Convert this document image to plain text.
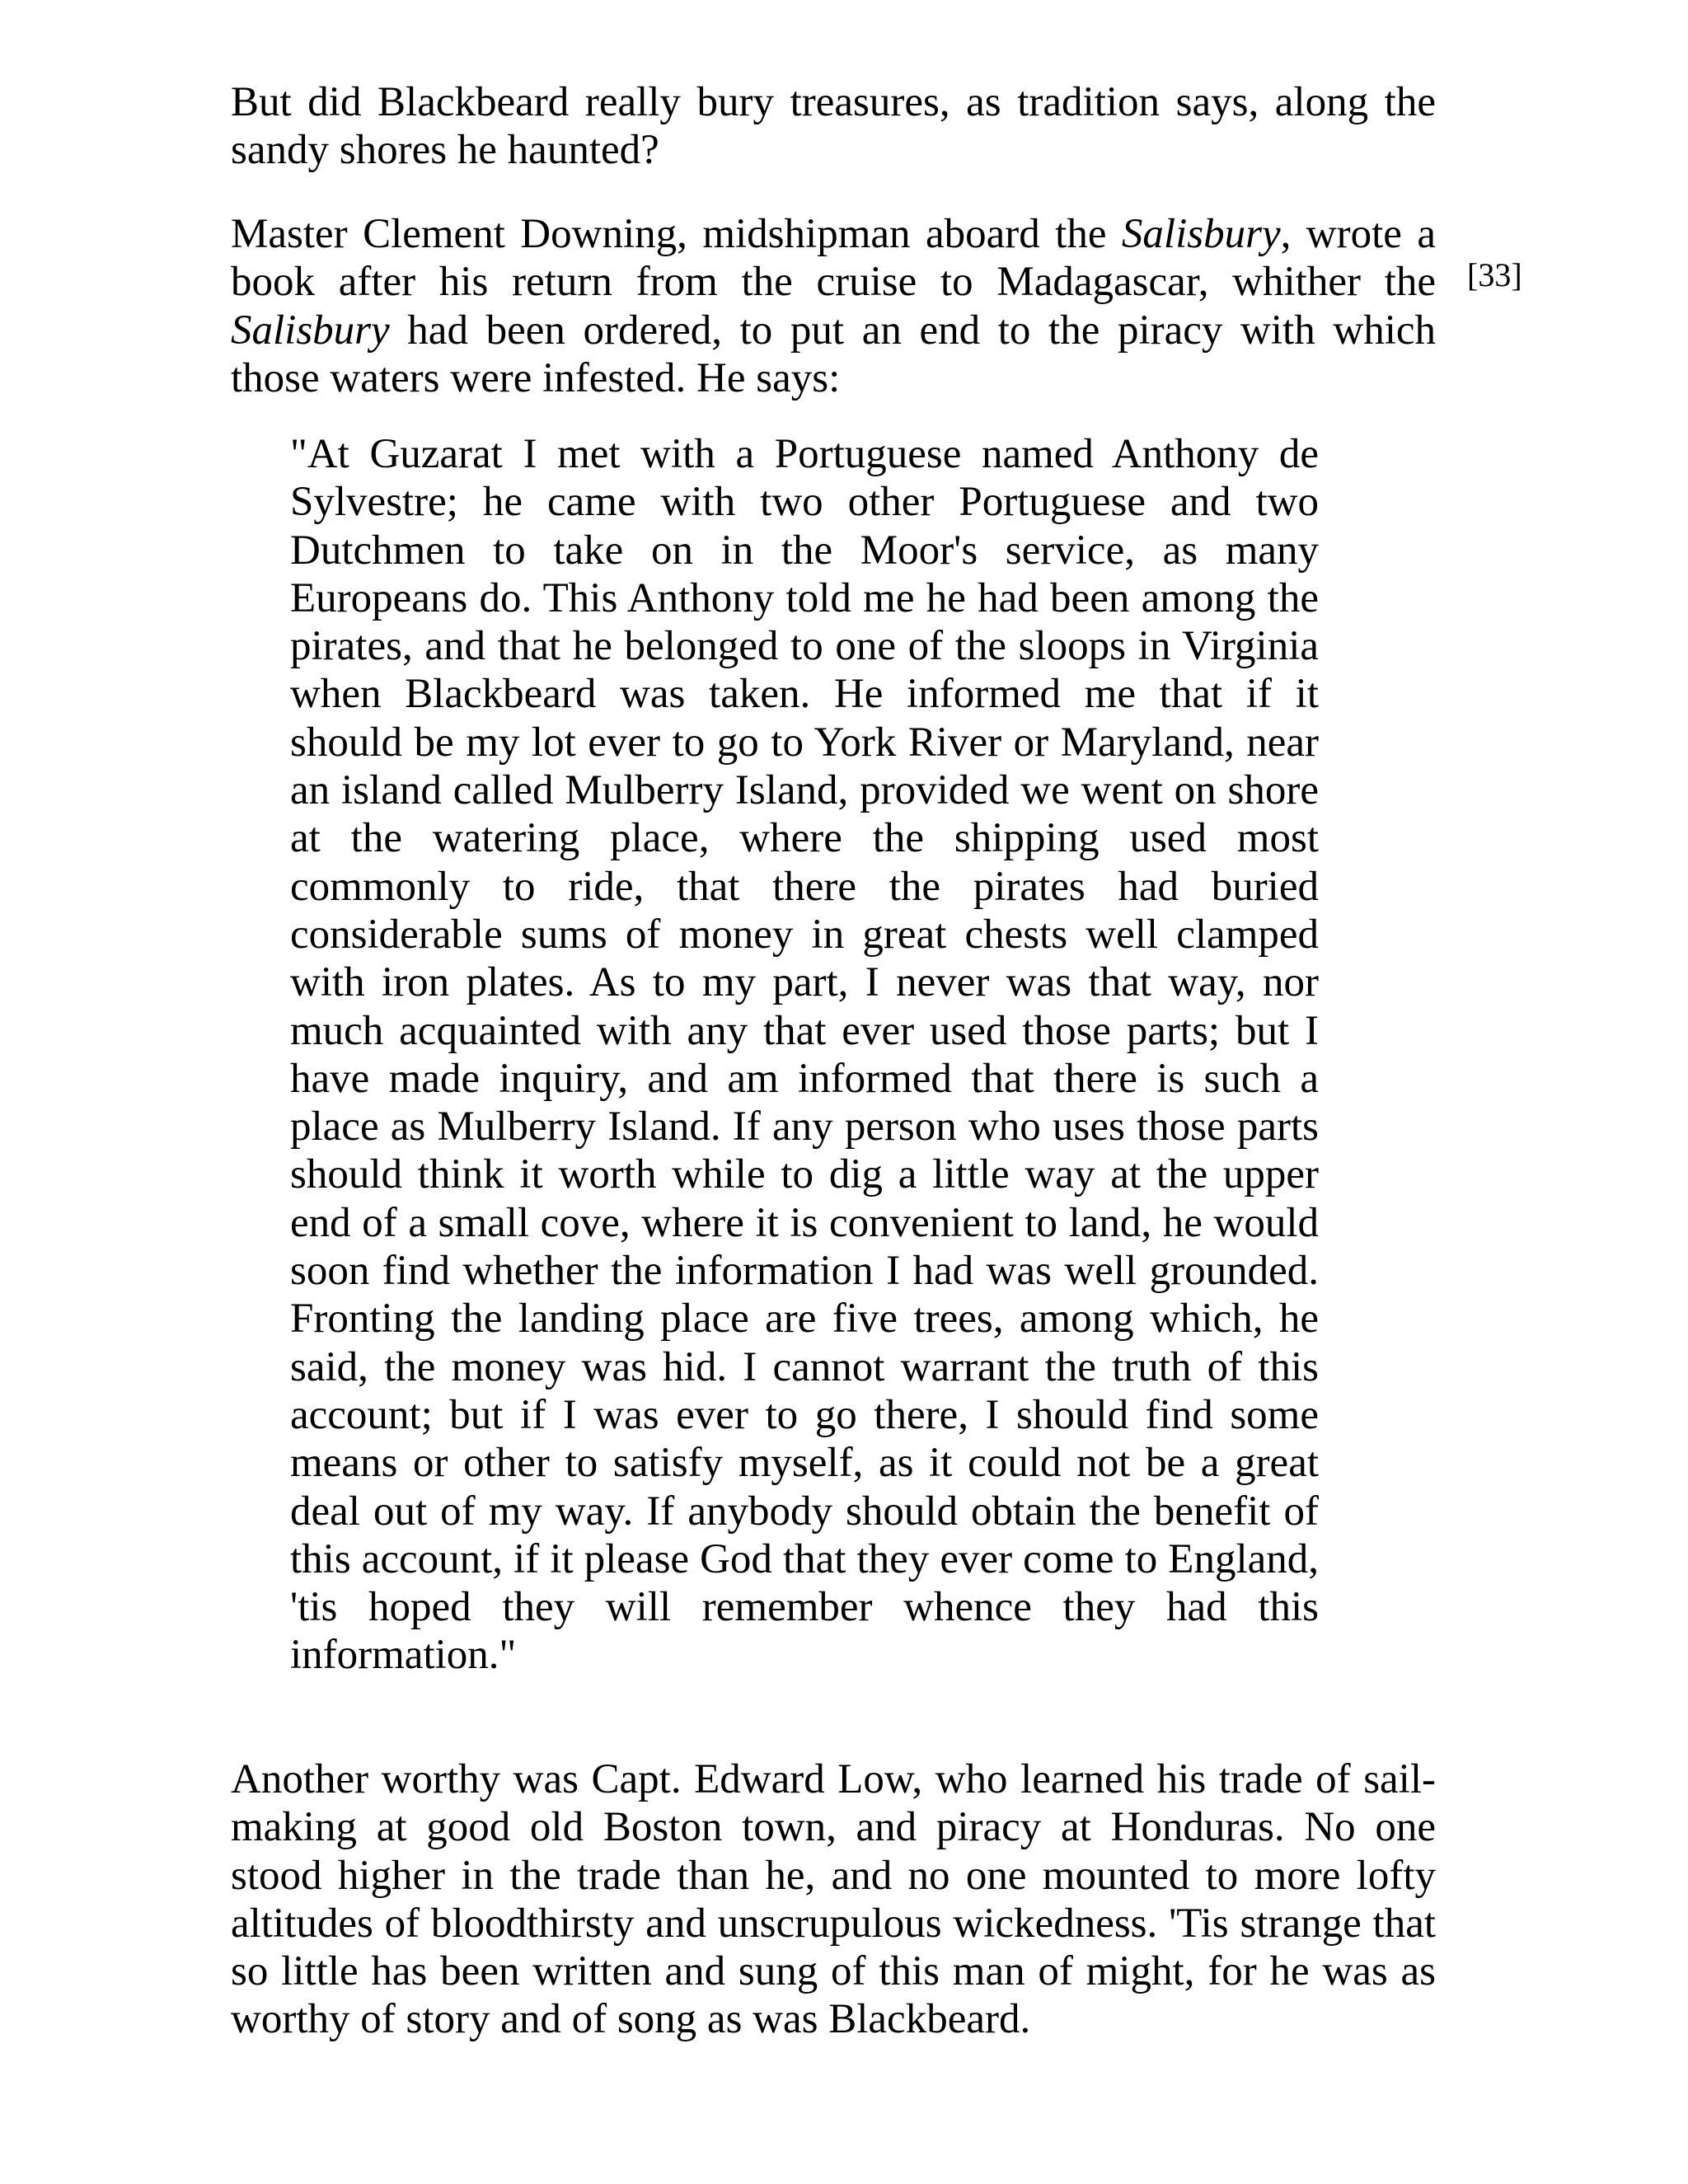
But did Blackbeard really bury treasures, as tradition says, along the sandy shores he haunted?

Master Clement Downing, midshipman aboard the Salisbury, wrote a book after his return from the cruise to Madagascar, whither the Salisbury had been ordered, to put an end to the piracy with which those waters were infested. He says:

[33]
"At Guzarat I met with a Portuguese named Anthony de Sylvestre; he came with two other Portuguese and two Dutchmen to take on in the Moor's service, as many Europeans do. This Anthony told me he had been among the pirates, and that he belonged to one of the sloops in Virginia when Blackbeard was taken. He informed me that if it should be my lot ever to go to York River or Maryland, near an island called Mulberry Island, provided we went on shore at the watering place, where the shipping used most commonly to ride, that there the pirates had buried considerable sums of money in great chests well clamped with iron plates. As to my part, I never was that way, nor much acquainted with any that ever used those parts; but I have made inquiry, and am informed that there is such a place as Mulberry Island. If any person who uses those parts should think it worth while to dig a little way at the upper end of a small cove, where it is convenient to land, he would soon find whether the information I had was well grounded. Fronting the landing place are five trees, among which, he said, the money was hid. I cannot warrant the truth of this account; but if I was ever to go there, I should find some means or other to satisfy myself, as it could not be a great deal out of my way. If anybody should obtain the benefit of this account, if it please God that they ever come to England, 'tis hoped they will remember whence they had this information."

Another worthy was Capt. Edward Low, who learned his trade of sail-making at good old Boston town, and piracy at Honduras. No one stood higher in the trade than he, and no one mounted to more lofty altitudes of bloodthirsty and unscrupulous wickedness. 'Tis strange that so little has been written and sung of this man of might, for he was as worthy of story and of song as was Blackbeard.
